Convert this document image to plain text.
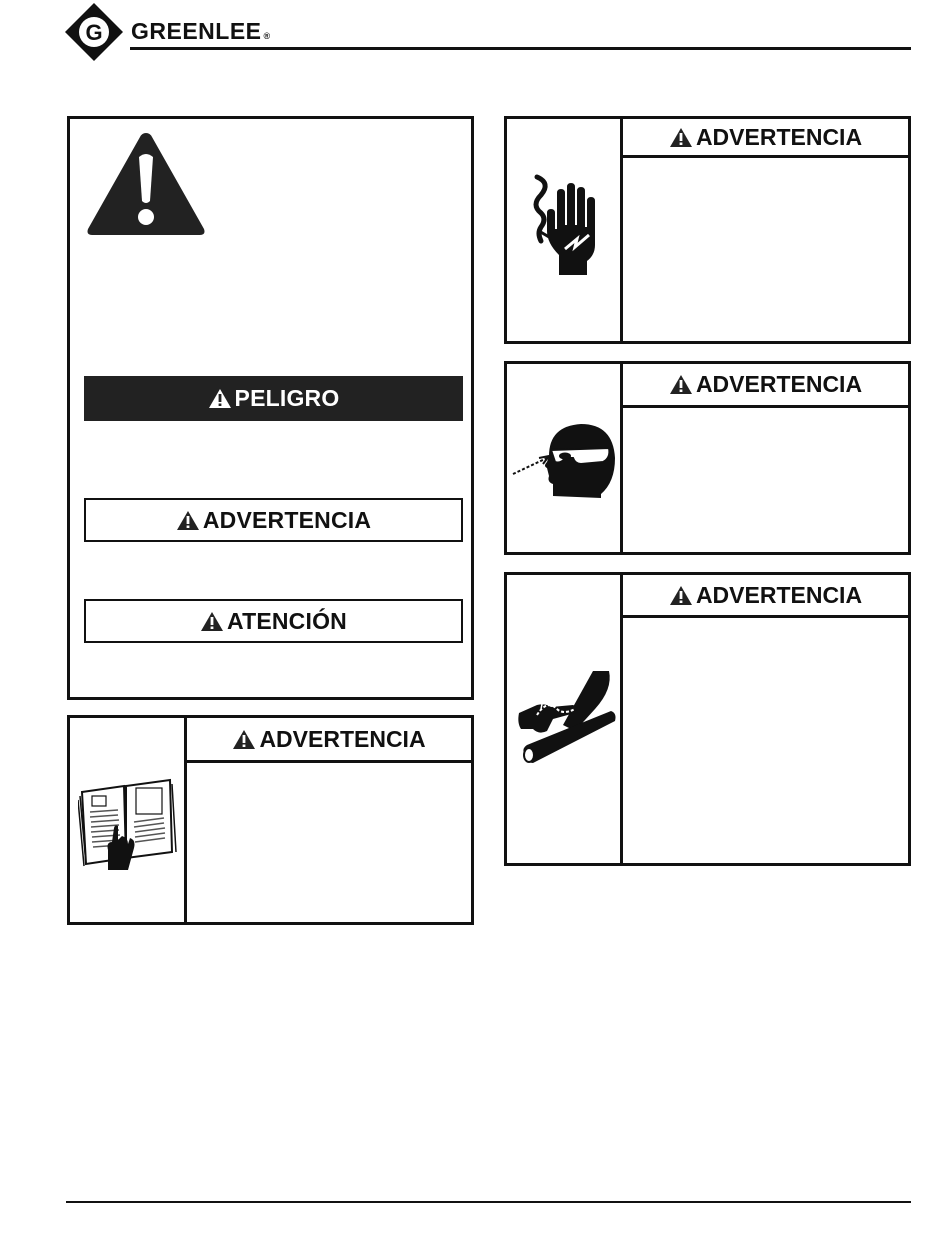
G GREENLEE ®
PELIGRO
ADVERTENCIA
ATENCIÓN
ADVERTENCIA
ADVERTENCIA
ADVERTENCIA
ADVERTENCIA
